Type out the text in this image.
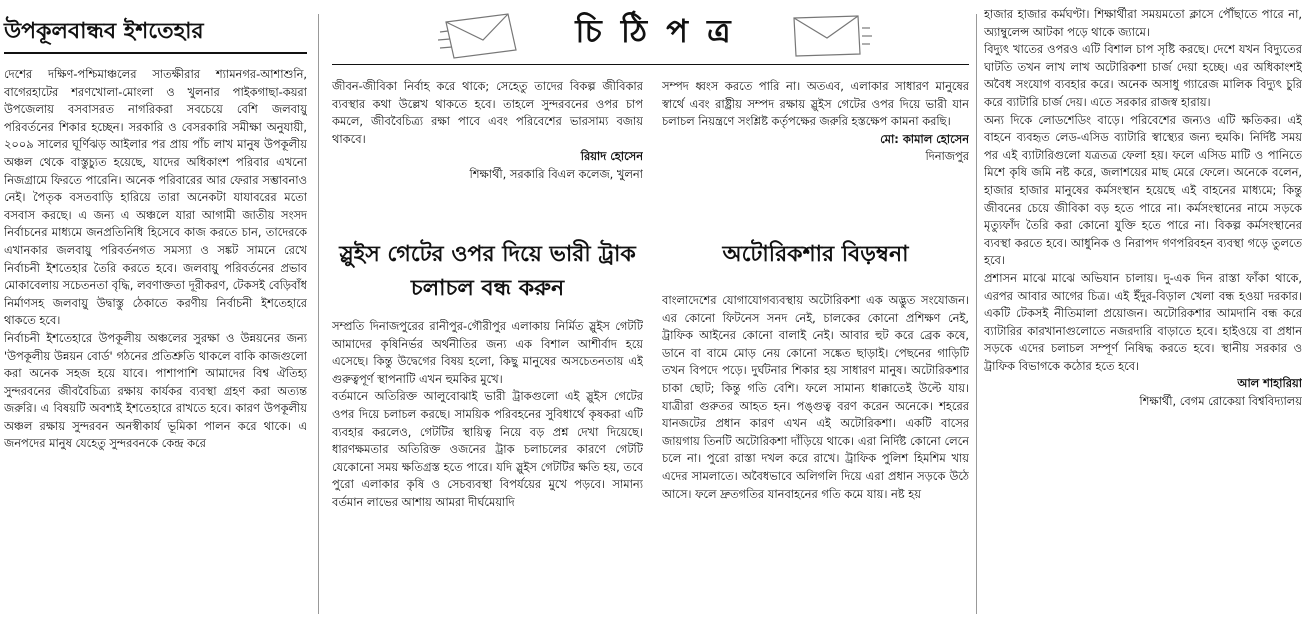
চি ঠি প ত্র
উপকূলবান্ধব ইশতেহার

দেশের দক্ষিণ-পশ্চিমাঞ্চলের সাতক্ষীরার শ্যামনগর-আশাশুনি, বাগেরহাটের শরণখোলা-মোংলা ও খুলনার পাইকগাছা-কয়রা উপজেলায় বসবাসরত নাগরিকরা সবচেয়ে বেশি জলবায়ু পরিবর্তনের শিকার হচ্ছেন। সরকারি ও বেসরকারি সমীক্ষা অনুযায়ী, ২০০৯ সালের ঘূর্ণিঝড় আইলার পর প্রায় পাঁচ লাখ মানুষ উপকূলীয় অঞ্চল থেকে বাস্তুচ্যুত হয়েছে, যাদের অধিকাংশ পরিবার এখনো নিজগ্রামে ফিরতে পারেনি। অনেক পরিবারের আর ফেরার সম্ভাবনাও নেই। পৈতৃক বসতবাড়ি হারিয়ে তারা অনেকটা যাযাবরের মতো বসবাস করছে। এ জন্য এ অঞ্চলে যারা আগামী জাতীয় সংসদ নির্বাচনের মাধ্যমে জনপ্রতিনিধি হিসেবে কাজ করতে চান, তাদেরকে এখানকার জলবায়ু পরিবর্তনগত সমস্যা ও সঙ্কট সামনে রেখে নির্বাচনী ইশতেহার তৈরি করতে হবে। জলবায়ু পরিবর্তনের প্রভাব মোকাবেলায় সচেতনতা বৃদ্ধি, লবণাক্ততা দূরীকরণ, টেকসই বেড়িবাঁধ নির্মাণসহ জলবায়ু উদ্বাস্তু ঠেকাতে করণীয় নির্বাচনী ইশতেহারে থাকতে হবে।

নির্বাচনী ইশতেহারে উপকূলীয় অঞ্চলের সুরক্ষা ও উন্নয়নের জন্য 'উপকূলীয় উন্নয়ন বোর্ড' গঠনের প্রতিশ্রুতি থাকলে বাকি কাজগুলো করা অনেক সহজ হয়ে যাবে। পাশাপাশি আমাদের বিশ্ব ঐতিহ্য সুন্দরবনের জীববৈচিত্র্য রক্ষায় কার্যকর ব্যবস্থা গ্রহণ করা অত্যন্ত জরুরি। এ বিষয়টি অবশ্যই ইশতেহারে রাখতে হবে। কারণ উপকূলীয় অঞ্চল রক্ষায় সুন্দরবন অনস্বীকার্য ভূমিকা পালন করে থাকে। এ জনপদের মানুষ যেহেতু সুন্দরবনকে কেন্দ্র করে

জীবন-জীবিকা নির্বাহ করে থাকে; সেহেতু তাদের বিকল্প জীবিকার ব্যবস্থার কথা উল্লেখ থাকতে হবে। তাহলে সুন্দরবনের ওপর চাপ কমলে, জীববৈচিত্র্য রক্ষা পাবে এবং পরিবেশের ভারসাম্য বজায় থাকবে।

রিয়াদ হোসেন

শিক্ষার্থী, সরকারি বিএল কলেজ, খুলনা

সম্পদ ধ্বংস করতে পারি না। অতএব, এলাকার সাধারণ মানুষের স্বার্থে এবং রাষ্ট্রীয় সম্পদ রক্ষায় স্লুইস গেটের ওপর দিয়ে ভারী যান চলাচল নিয়ন্ত্রণে সংশ্লিষ্ট কর্তৃপক্ষের জরুরি হস্তক্ষেপ কামনা করছি।

মো: কামাল হোসেন

দিনাজপুর

স্লুইস গেটের ওপর দিয়ে ভারী ট্রাক চলাচল বন্ধ করুন

সম্প্রতি দিনাজপুরের রানীপুর-গৌরীপুর এলাকায় নির্মিত স্লুইস গেটটি আমাদের কৃষিনির্ভর অর্থনীতির জন্য এক বিশাল আশীর্বাদ হয়ে এসেছে। কিন্তু উদ্বেগের বিষয় হলো, কিছু মানুষের অসচেতনতায় এই গুরুত্বপূর্ণ স্থাপনাটি এখন হুমকির মুখে।

বর্তমানে অতিরিক্ত আলুবোঝাই ভারী ট্রাকগুলো এই স্লুইস গেটের ওপর দিয়ে চলাচল করছে। সাময়িক পরিবহনের সুবিধার্থে কৃষকরা এটি ব্যবহার করলেও, গেটটির স্থায়িত্ব নিয়ে বড় প্রশ্ন দেখা দিয়েছে। ধারণক্ষমতার অতিরিক্ত ওজনের ট্রাক চলাচলের কারণে গেটটি যেকোনো সময় ক্ষতিগ্রস্ত হতে পারে। যদি স্লুইস গেটটির ক্ষতি হয়, তবে পুরো এলাকার কৃষি ও সেচব্যবস্থা বিপর্যয়ের মুখে পড়বে। সামান্য বর্তমান লাভের আশায় আমরা দীর্ঘমেয়াদি

অটোরিকশার বিড়ম্বনা

বাংলাদেশের যোগাযোগব্যবস্থায় অটোরিকশা এক অদ্ভুত সংযোজন। এর কোনো ফিটনেস সনদ নেই, চালকের কোনো প্রশিক্ষণ নেই, ট্রাফিক আইনের কোনো বালাই নেই। আবার হুট করে ব্রেক কষে, ডানে বা বামে মোড় নেয় কোনো সঙ্কেত ছাড়াই। পেছনের গাড়িটি তখন বিপদে পড়ে। দুর্ঘটনার শিকার হয় সাধারণ মানুষ। অটোরিকশার চাকা ছোট; কিন্তু গতি বেশি। ফলে সামান্য ধাক্কাতেই উল্টে যায়। যাত্রীরা গুরুতর আহত হন। পঙ্গুত্ব বরণ করেন অনেকে। শহরের যানজটের প্রধান কারণ এখন এই অটোরিকশা। একটি বাসের জায়গায় তিনটি অটোরিকশা দাঁড়িয়ে থাকে। এরা নির্দিষ্ট কোনো লেনে চলে না। পুরো রাস্তা দখল করে রাখে। ট্রাফিক পুলিশ হিমশিম খায় এদের সামলাতে। অবৈধভাবে অলিগলি দিয়ে এরা প্রধান সড়কে উঠে আসে। ফলে দ্রুতগতির যানবাহনের গতি কমে যায়। নষ্ট হয়

হাজার হাজার কর্মঘণ্টা। শিক্ষার্থীরা সময়মতো ক্লাসে পৌঁছাতে পারে না, অ্যাম্বুলেন্স আটকা পড়ে থাকে জ্যামে।

বিদ্যুৎ খাতের ওপরও এটি বিশাল চাপ সৃষ্টি করছে। দেশে যখন বিদ্যুতের ঘাটতি তখন লাখ লাখ অটোরিকশা চার্জ দেয়া হচ্ছে। এর অধিকাংশই অবৈধ সংযোগ ব্যবহার করে। অনেক অসাধু গ্যারেজ মালিক বিদ্যুৎ চুরি করে ব্যাটারি চার্জ দেয়। এতে সরকার রাজস্ব হারায়।

অন্য দিকে লোডশেডিং বাড়ে। পরিবেশের জন্যও এটি ক্ষতিকর। এই বাহনে ব্যবহৃত লেড-এসিড ব্যাটারি স্বাস্থ্যের জন্য হুমকি। নির্দিষ্ট সময় পর এই ব্যাটারিগুলো যত্রতত্র ফেলা হয়। ফলে এসিড মাটি ও পানিতে মিশে কৃষি জমি নষ্ট করে, জলাশয়ের মাছ মেরে ফেলে। অনেকে বলেন, হাজার হাজার মানুষের কর্মসংস্থান হয়েছে এই বাহনের মাধ্যমে; কিন্তু জীবনের চেয়ে জীবিকা বড় হতে পারে না। কর্মসংস্থানের নামে সড়কে মৃত্যুফাঁদ তৈরি করা কোনো যুক্তি হতে পারে না। বিকল্প কর্মসংস্থানের ব্যবস্থা করতে হবে। আধুনিক ও নিরাপদ গণপরিবহন ব্যবস্থা গড়ে তুলতে হবে।

প্রশাসন মাঝে মাঝে অভিযান চালায়। দু-এক দিন রাস্তা ফাঁকা থাকে, এরপর আবার আগের চিত্র। এই ইঁদুর-বিড়াল খেলা বন্ধ হওয়া দরকার। একটি টেকসই নীতিমালা প্রয়োজন। অটোরিকশার আমদানি বন্ধ করে ব্যাটারির কারখানাগুলোতে নজরদারি বাড়াতে হবে। হাইওয়ে বা প্রধান সড়কে এদের চলাচল সম্পূর্ণ নিষিদ্ধ করতে হবে। স্থানীয় সরকার ও ট্রাফিক বিভাগকে কঠোর হতে হবে।

আল শাহারিয়া

শিক্ষার্থী, বেগম রোকেয়া বিশ্ববিদ্যালয়
